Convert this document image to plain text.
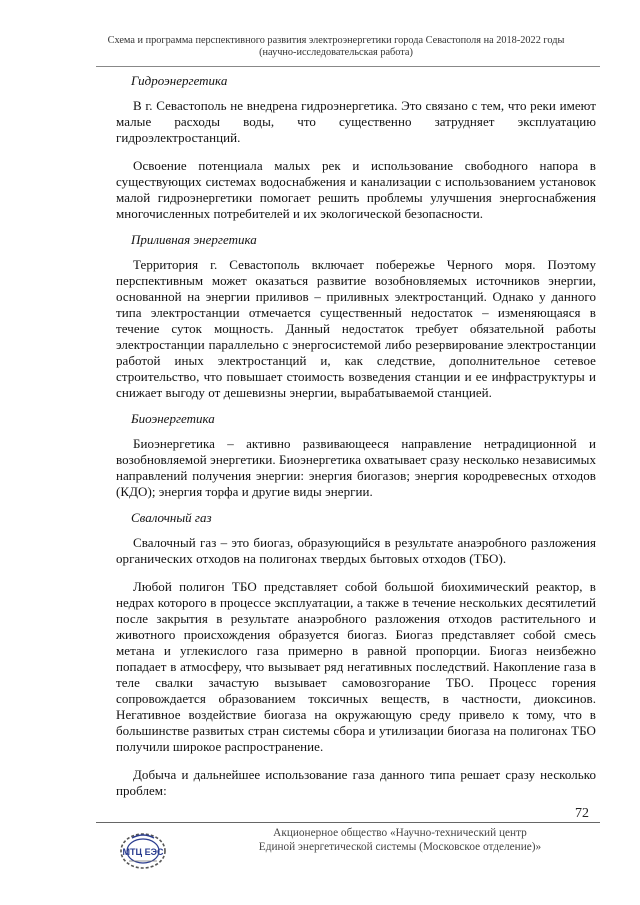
Схема и программа перспективного развития электроэнергетики города Севастополя на 2018-2022 годы
(научно-исследовательская работа)
Гидроэнергетика

В г. Севастополь не внедрена гидроэнергетика. Это связано с тем, что реки имеют малые расходы воды, что существенно затрудняет эксплуатацию гидроэлектростанций.

Освоение потенциала малых рек и использование свободного напора в существующих системах водоснабжения и канализации с использованием установок малой гидроэнергетики помогает решить проблемы улучшения энергоснабжения многочисленных потребителей и их экологической безопасности.

Приливная энергетика

Территория г. Севастополь включает побережье Черного моря. Поэтому перспективным может оказаться развитие возобновляемых источников энергии, основанной на энергии приливов – приливных электростанций. Однако у данного типа электростанции отмечается существенный недостаток – изменяющаяся в течение суток мощность. Данный недостаток требует обязательной работы электростанции параллельно с энергосистемой либо резервирование электростанции работой иных электростанций и, как следствие, дополнительное сетевое строительство, что повышает стоимость возведения станции и ее инфраструктуры и снижает выгоду от дешевизны энергии, вырабатываемой станцией.

Биоэнергетика

Биоэнергетика – активно развивающееся направление нетрадиционной и возобновляемой энергетики. Биоэнергетика охватывает сразу несколько независимых направлений получения энергии: энергия биогазов; энергия кородревесных отходов (КДО); энергия торфа и другие виды энергии.

Свалочный газ

Свалочный газ – это биогаз, образующийся в результате анаэробного разложения органических отходов на полигонах твердых бытовых отходов (ТБО).

Любой полигон ТБО представляет собой большой биохимический реактор, в недрах которого в процессе эксплуатации, а также в течение нескольких десятилетий после закрытия в результате анаэробного разложения отходов растительного и животного происхождения образуется биогаз. Биогаз представляет собой смесь метана и углекислого газа примерно в равной пропорции. Биогаз неизбежно попадает в атмосферу, что вызывает ряд негативных последствий. Накопление газа в теле свалки зачастую вызывает самовозгорание ТБО. Процесс горения сопровождается образованием токсичных веществ, в частности, диоксинов. Негативное воздействие биогаза на окружающую среду привело к тому, что в большинстве развитых стран системы сбора и утилизации биогаза на полигонах ТБО получили широкое распространение.

Добыча и дальнейшее использование газа данного типа решает сразу несколько проблем:

72
МТЦ ЕЭС
Акционерное общество «Научно-технический центр
Единой энергетической системы (Московское отделение)»
